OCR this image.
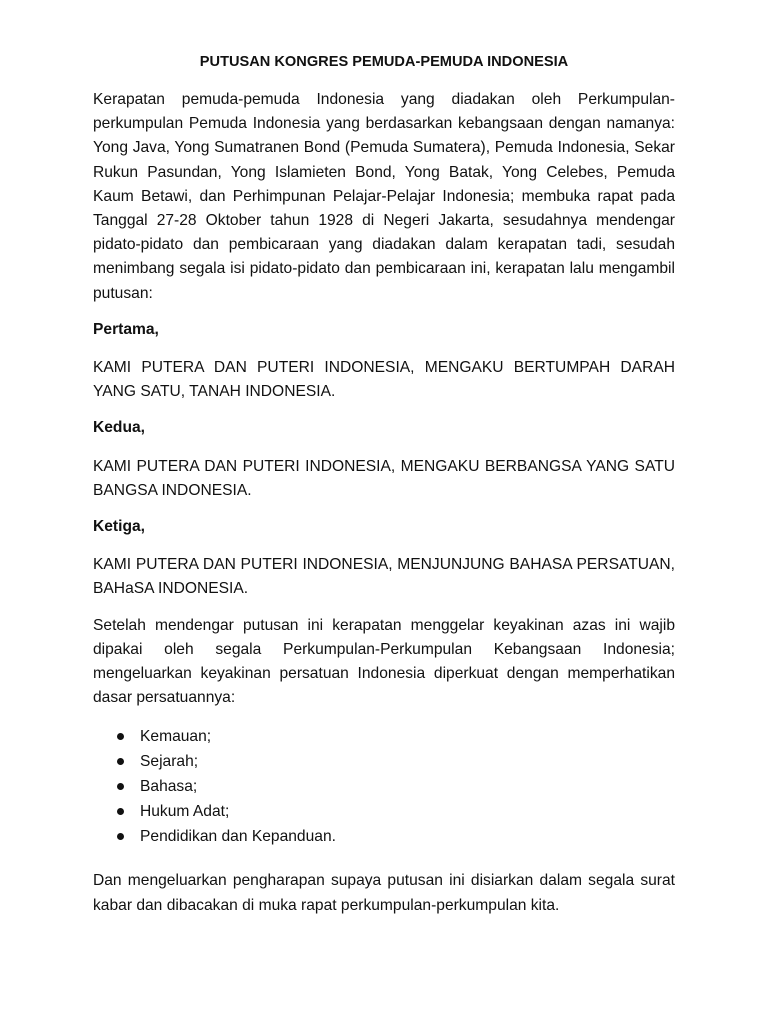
PUTUSAN KONGRES PEMUDA-PEMUDA INDONESIA

Kerapatan pemuda-pemuda Indonesia yang diadakan oleh Perkumpulan-perkumpulan Pemuda Indonesia yang berdasarkan kebangsaan dengan namanya: Yong Java, Yong Sumatranen Bond (Pemuda Sumatera), Pemuda Indonesia, Sekar Rukun Pasundan, Yong Islamieten Bond, Yong Batak, Yong Celebes, Pemuda Kaum Betawi, dan Perhimpunan Pelajar-Pelajar Indonesia; membuka rapat pada Tanggal 27-28 Oktober tahun 1928 di Negeri Jakarta, sesudahnya mendengar pidato-pidato dan pembicaraan yang diadakan dalam kerapatan tadi, sesudah menimbang segala isi pidato-pidato dan pembicaraan ini, kerapatan lalu mengambil putusan:

Pertama,

KAMI PUTERA DAN PUTERI INDONESIA, MENGAKU BERTUMPAH DARAH YANG SATU, TANAH INDONESIA.

Kedua,

KAMI PUTERA DAN PUTERI INDONESIA, MENGAKU BERBANGSA YANG SATU BANGSA INDONESIA.

Ketiga,

KAMI PUTERA DAN PUTERI INDONESIA, MENJUNJUNG BAHASA PERSATUAN, BAHaSA INDONESIA.

Setelah mendengar putusan ini kerapatan menggelar keyakinan azas ini wajib dipakai oleh segala Perkumpulan-Perkumpulan Kebangsaan Indonesia; mengeluarkan keyakinan persatuan Indonesia diperkuat dengan memperhatikan dasar persatuannya:

Kemauan;
Sejarah;
Bahasa;
Hukum Adat;
Pendidikan dan Kepanduan.

Dan mengeluarkan pengharapan supaya putusan ini disiarkan dalam segala surat kabar dan dibacakan di muka rapat perkumpulan-perkumpulan kita.
